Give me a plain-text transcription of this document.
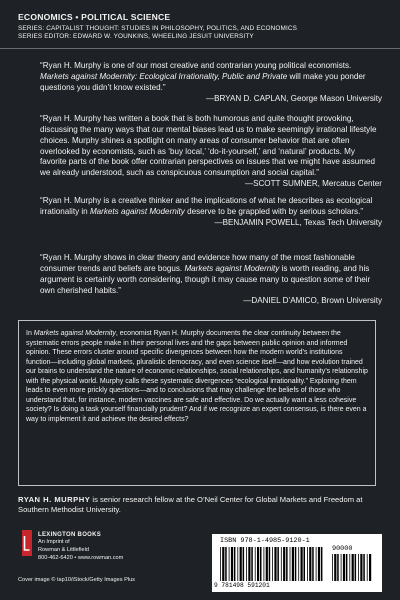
ECONOMICS • POLITICAL SCIENCE
SERIES: CAPITALIST THOUGHT: STUDIES IN PHILOSOPHY, POLITICS, AND ECONOMICS
SERIES EDITOR: EDWARD W. YOUNKINS, WHEELING JESUIT UNIVERSITY
“Ryan H. Murphy is one of our most creative and contrarian young political economists. Markets against Modernity: Ecological Irrationality, Public and Private will make you ponder questions you didn’t know existed.”
—BRYAN D. CAPLAN, George Mason University
“Ryan H. Murphy has written a book that is both humorous and quite thought provoking, discussing the many ways that our mental biases lead us to make seemingly irrational lifestyle choices. Murphy shines a spotlight on many areas of consumer behavior that are often overlooked by economists, such as ‘buy local,’ ‘do-it-yourself,’ and ‘natural’ products. My favorite parts of the book offer contrarian perspectives on issues that we might have assumed we already understood, such as conspicuous consumption and social capital.”
—SCOTT SUMNER, Mercatus Center
“Ryan H. Murphy is a creative thinker and the implications of what he describes as ecological irrationality in Markets against Modernity deserve to be grappled with by serious scholars.”
—BENJAMIN POWELL, Texas Tech University
“Ryan H. Murphy shows in clear theory and evidence how many of the most fashionable consumer trends and beliefs are bogus. Markets against Modernity is worth reading, and his argument is certainly worth considering, though it may cause many to question some of their own cherished habits.”
—DANIEL D’AMICO, Brown University
In Markets against Modernity, economist Ryan H. Murphy documents the clear continuity between the systematic errors people make in their personal lives and the gaps between public opinion and informed opinion. These errors cluster around specific divergences between how the modern world’s institutions function—including global markets, pluralistic democracy, and even science itself—and how evolution trained our brains to understand the nature of economic relationships, social relationships, and humanity’s relationship with the physical world. Murphy calls these systematic divergences “ecological irrationality.” Exploring them leads to even more prickly questions—and to conclusions that may challenge the beliefs of those who understand that, for instance, modern vaccines are safe and effective. Do we actually want a less cohesive society? Is doing a task yourself financially prudent? And if we recognize an expert consensus, is there even a way to implement it and achieve the desired effects?
RYAN H. MURPHY is senior research fellow at the O’Neil Center for Global Markets and Freedom at Southern Methodist University.
LEXINGTON BOOKS
An Imprint of
Rowman & Littlefield
800-462-6420 • www.rowman.com
Cover image © tap10/iStock/Getty Images Plus
ISBN 978-1-4985-9120-1
90000
9 781498 591201
